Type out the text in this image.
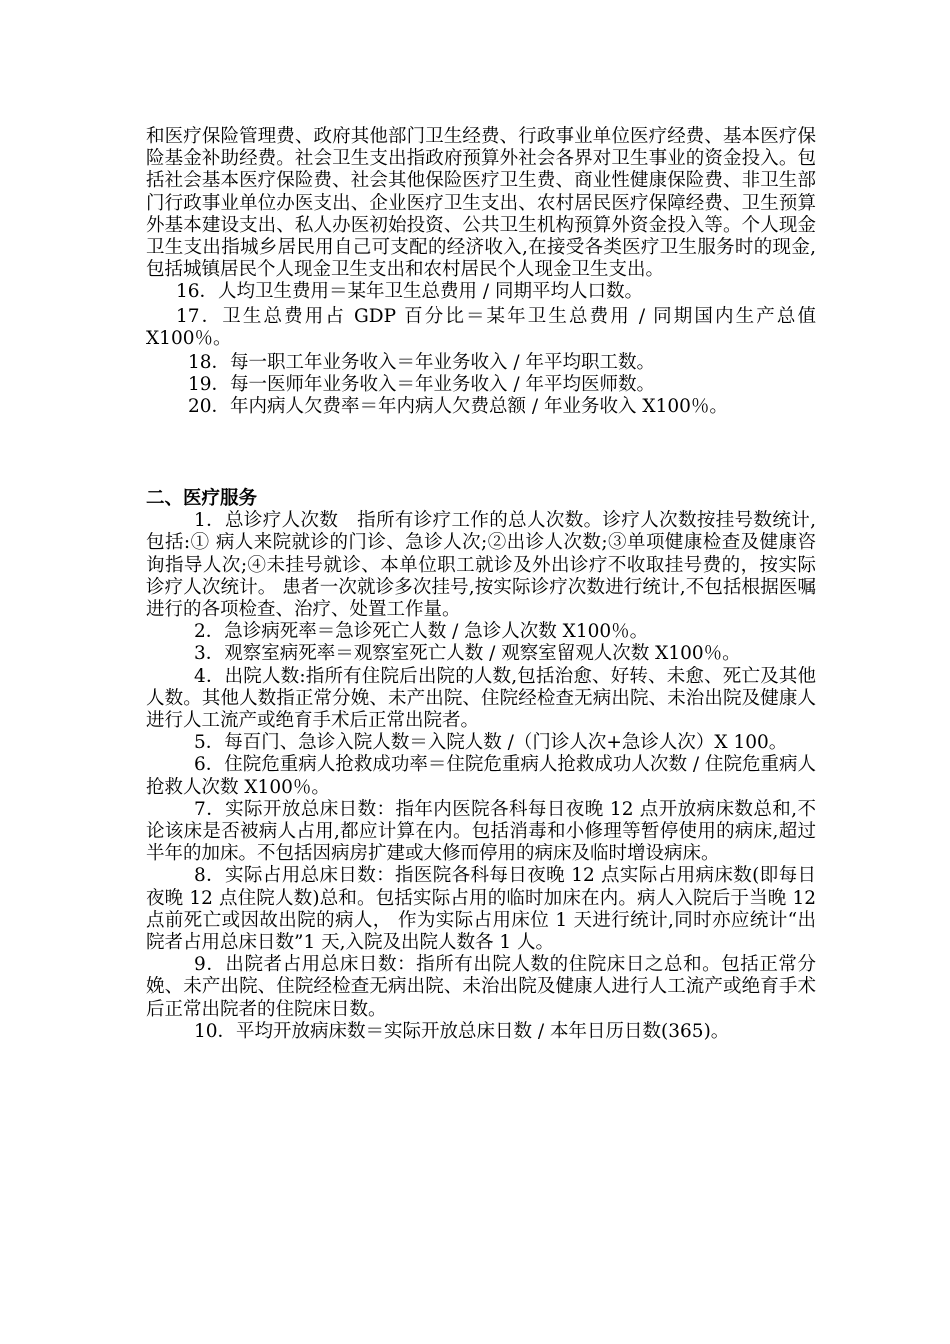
和医疗保险管理费、政府其他部门卫生经费、行政事业单位医疗经费、基本医疗保险基金补助经费。社会卫生支出指政府预算外社会各界对卫生事业的资金投入。包括社会基本医疗保险费、社会其他保险医疗卫生费、商业性健康保险费、非卫生部门行政事业单位办医支出、企业医疗卫生支出、农村居民医疗保障经费、卫生预算外基本建设支出、私人办医初始投资、公共卫生机构预算外资金投入等。个人现金卫生支出指城乡居民用自己可支配的经济收入,在接受各类医疗卫生服务时的现金,包括城镇居民个人现金卫生支出和农村居民个人现金卫生支出。

16．人均卫生费用＝某年卫生总费用 / 同期平均人口数。

17．卫生总费用占 GDP 百分比＝某年卫生总费用 / 同期国内生产总值 X100％。

18．每一职工年业务收入＝年业务收入 / 年平均职工数。

19．每一医师年业务收入＝年业务收入 / 年平均医师数。

20．年内病人欠费率＝年内病人欠费总额 / 年业务收入 X100％。

二、医疗服务

1．总诊疗人次数　指所有诊疗工作的总人次数。诊疗人次数按挂号数统计,包括:① 病人来院就诊的门诊、急诊人次;②出诊人次数;③单项健康检查及健康咨询指导人次;④未挂号就诊、本单位职工就诊及外出诊疗不收取挂号费的，按实际诊疗人次统计。 患者一次就诊多次挂号,按实际诊疗次数进行统计,不包括根据医嘱进行的各项检查、治疗、处置工作量。

2．急诊病死率＝急诊死亡人数 / 急诊人次数 X100％。

3．观察室病死率＝观察室死亡人数 / 观察室留观人次数 X100％。

4．出院人数:指所有住院后出院的人数,包括治愈、好转、未愈、死亡及其他人数。其他人数指正常分娩、未产出院、住院经检查无病出院、未治出院及健康人进行人工流产或绝育手术后正常出院者。

5．每百门、急诊入院人数＝入院人数 /（门诊人次+急诊人次）X 100。

6．住院危重病人抢救成功率＝住院危重病人抢救成功人次数 / 住院危重病人抢救人次数 X100％。

7．实际开放总床日数：指年内医院各科每日夜晚 12 点开放病床数总和,不论该床是否被病人占用,都应计算在内。包括消毒和小修理等暂停使用的病床,超过半年的加床。不包括因病房扩建或大修而停用的病床及临时增设病床。

8．实际占用总床日数：指医院各科每日夜晚 12 点实际占用病床数(即每日夜晚 12 点住院人数)总和。包括实际占用的临时加床在内。病人入院后于当晚 12 点前死亡或因故出院的病人， 作为实际占用床位 1 天进行统计,同时亦应统计“出院者占用总床日数”1 天,入院及出院人数各 1 人。

9．出院者占用总床日数：指所有出院人数的住院床日之总和。包括正常分娩、未产出院、住院经检查无病出院、未治出院及健康人进行人工流产或绝育手术后正常出院者的住院床日数。

10．平均开放病床数＝实际开放总床日数 / 本年日历日数(365)。
